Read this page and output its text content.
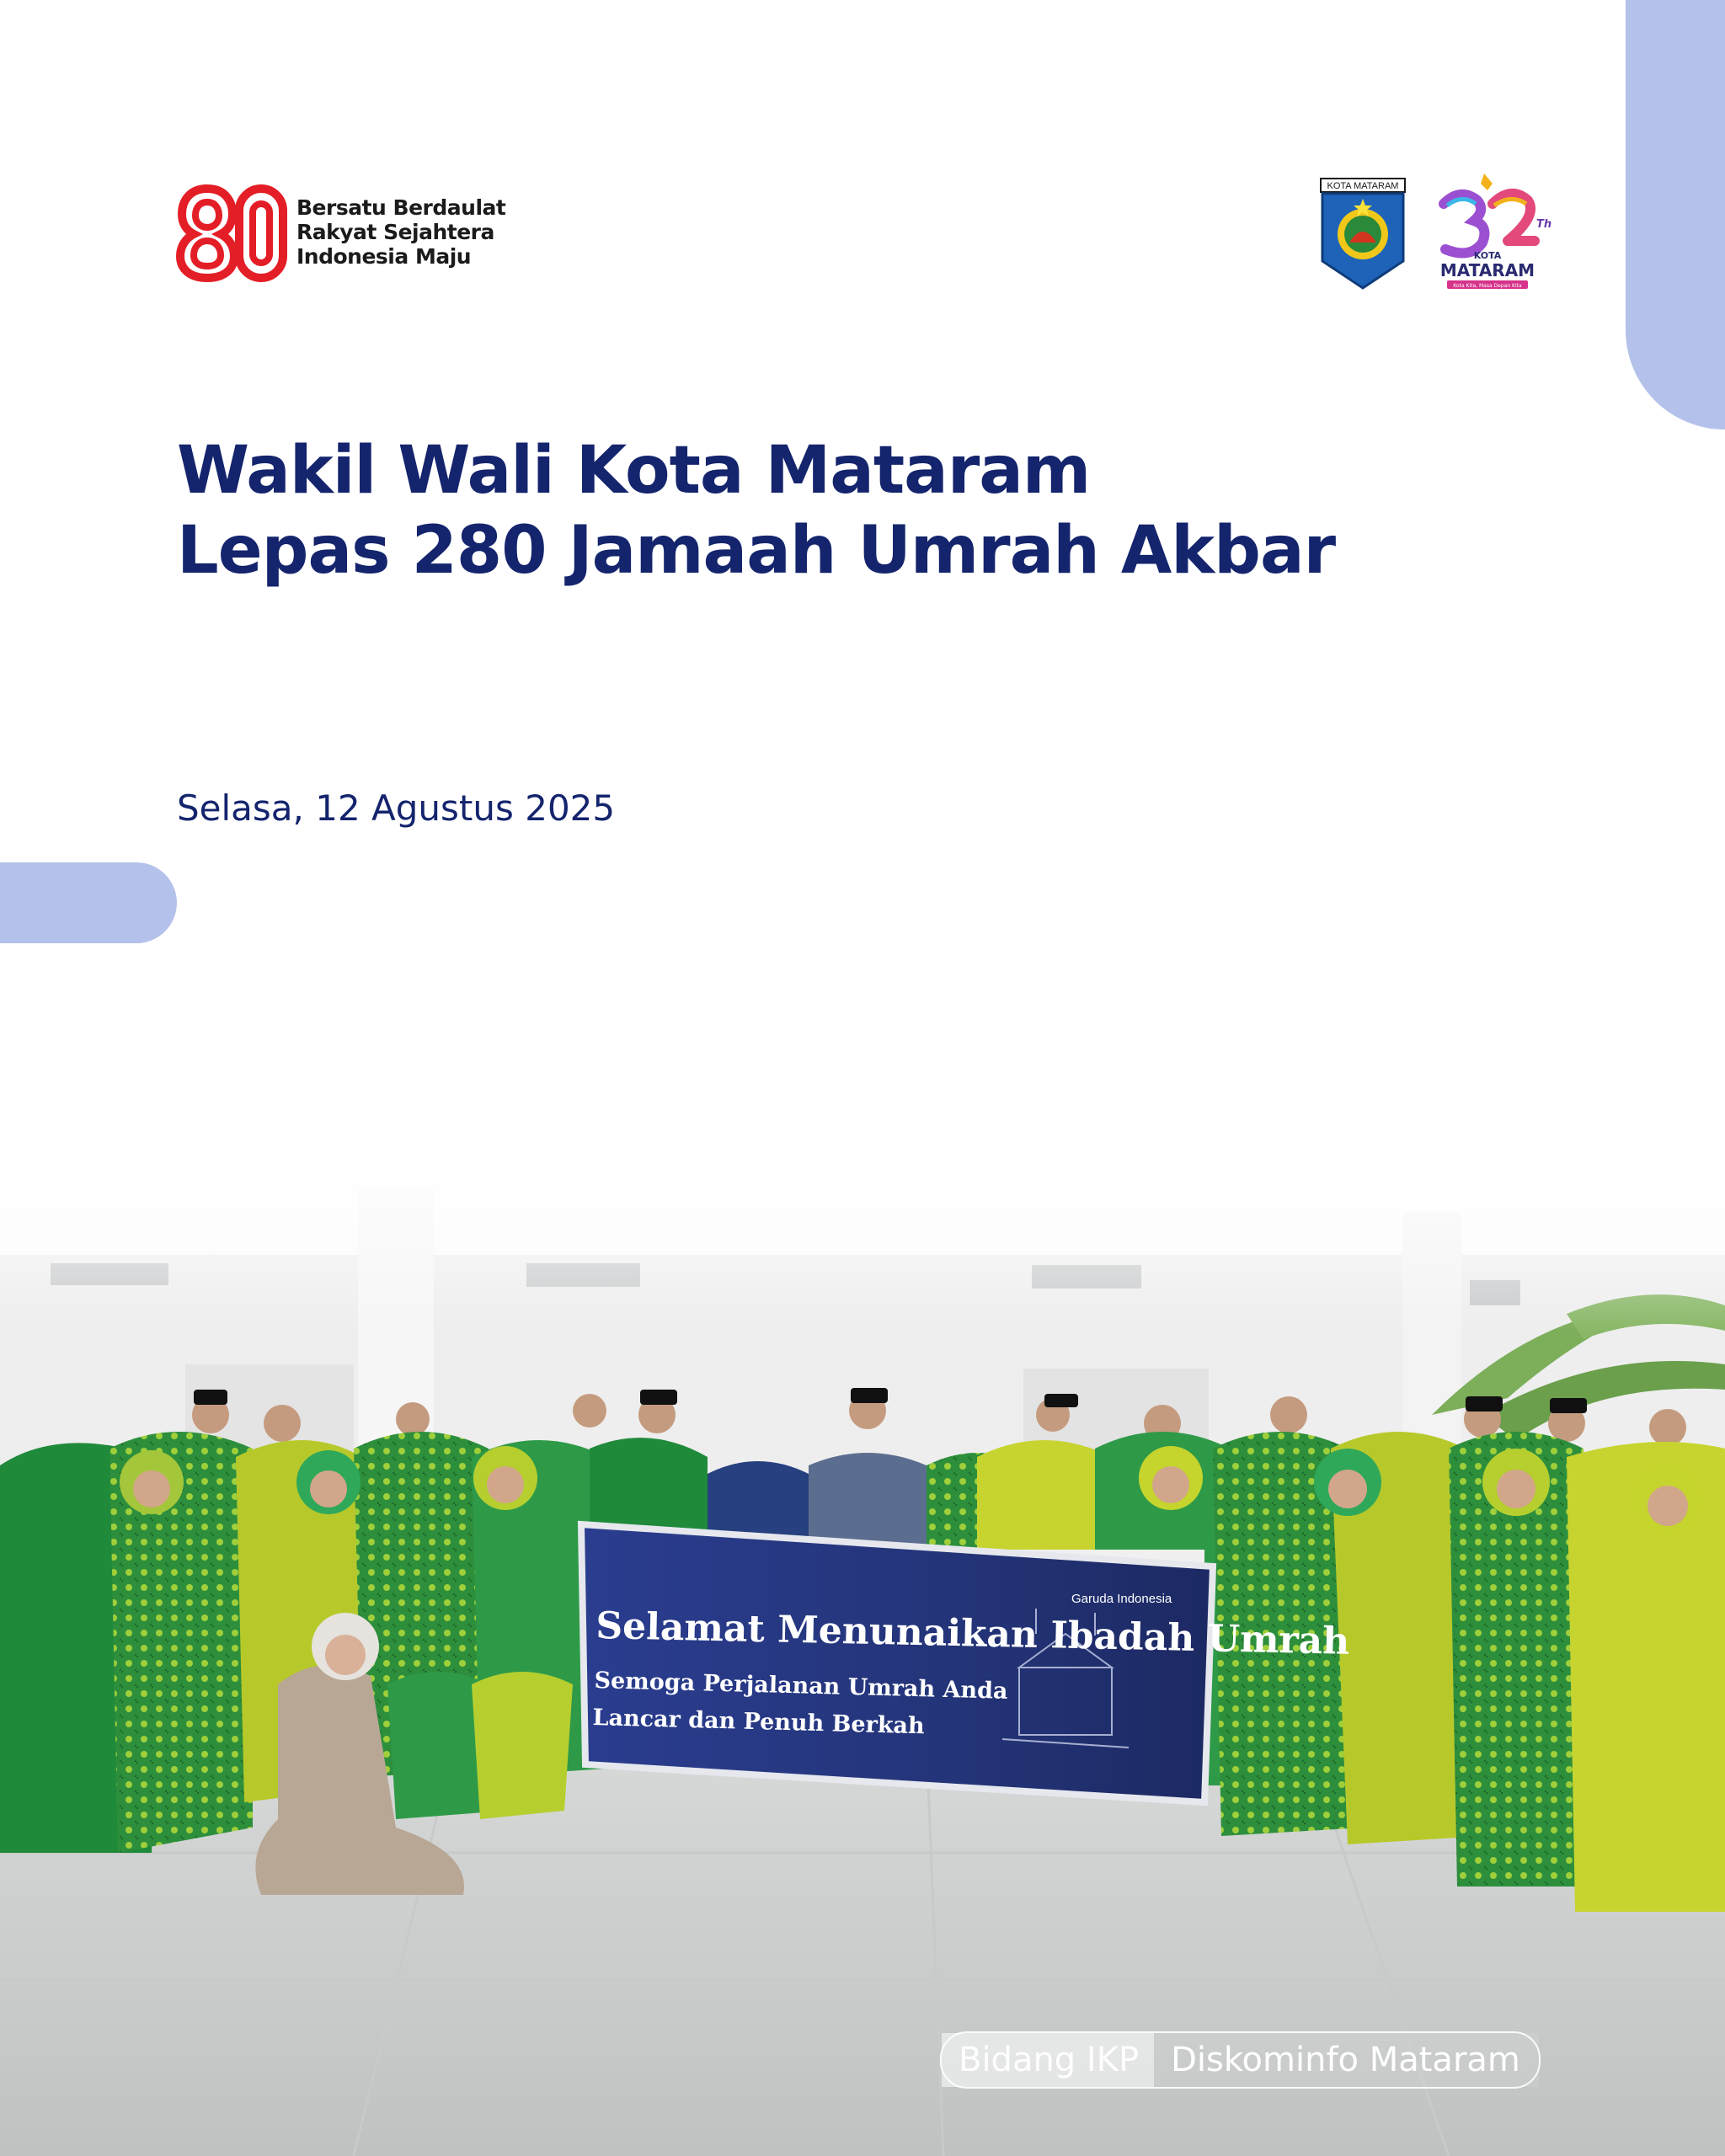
Bersatu Berdaulat
Rakyat Sejahtera
Indonesia Maju
KOTA MATARAM
Th
KOTA
MATARAM
Kota Kita, Masa Depan Kita
Wakil Wali Kota Mataram
Lepas 280 Jamaah Umrah Akbar
Selasa, 12 Agustus 2025
Garuda Indonesia
Selamat Menunaikan Ibadah Umrah
Semoga Perjalanan Umrah Anda
Lancar dan Penuh Berkah
Bidang IKP Diskominfo Mataram
